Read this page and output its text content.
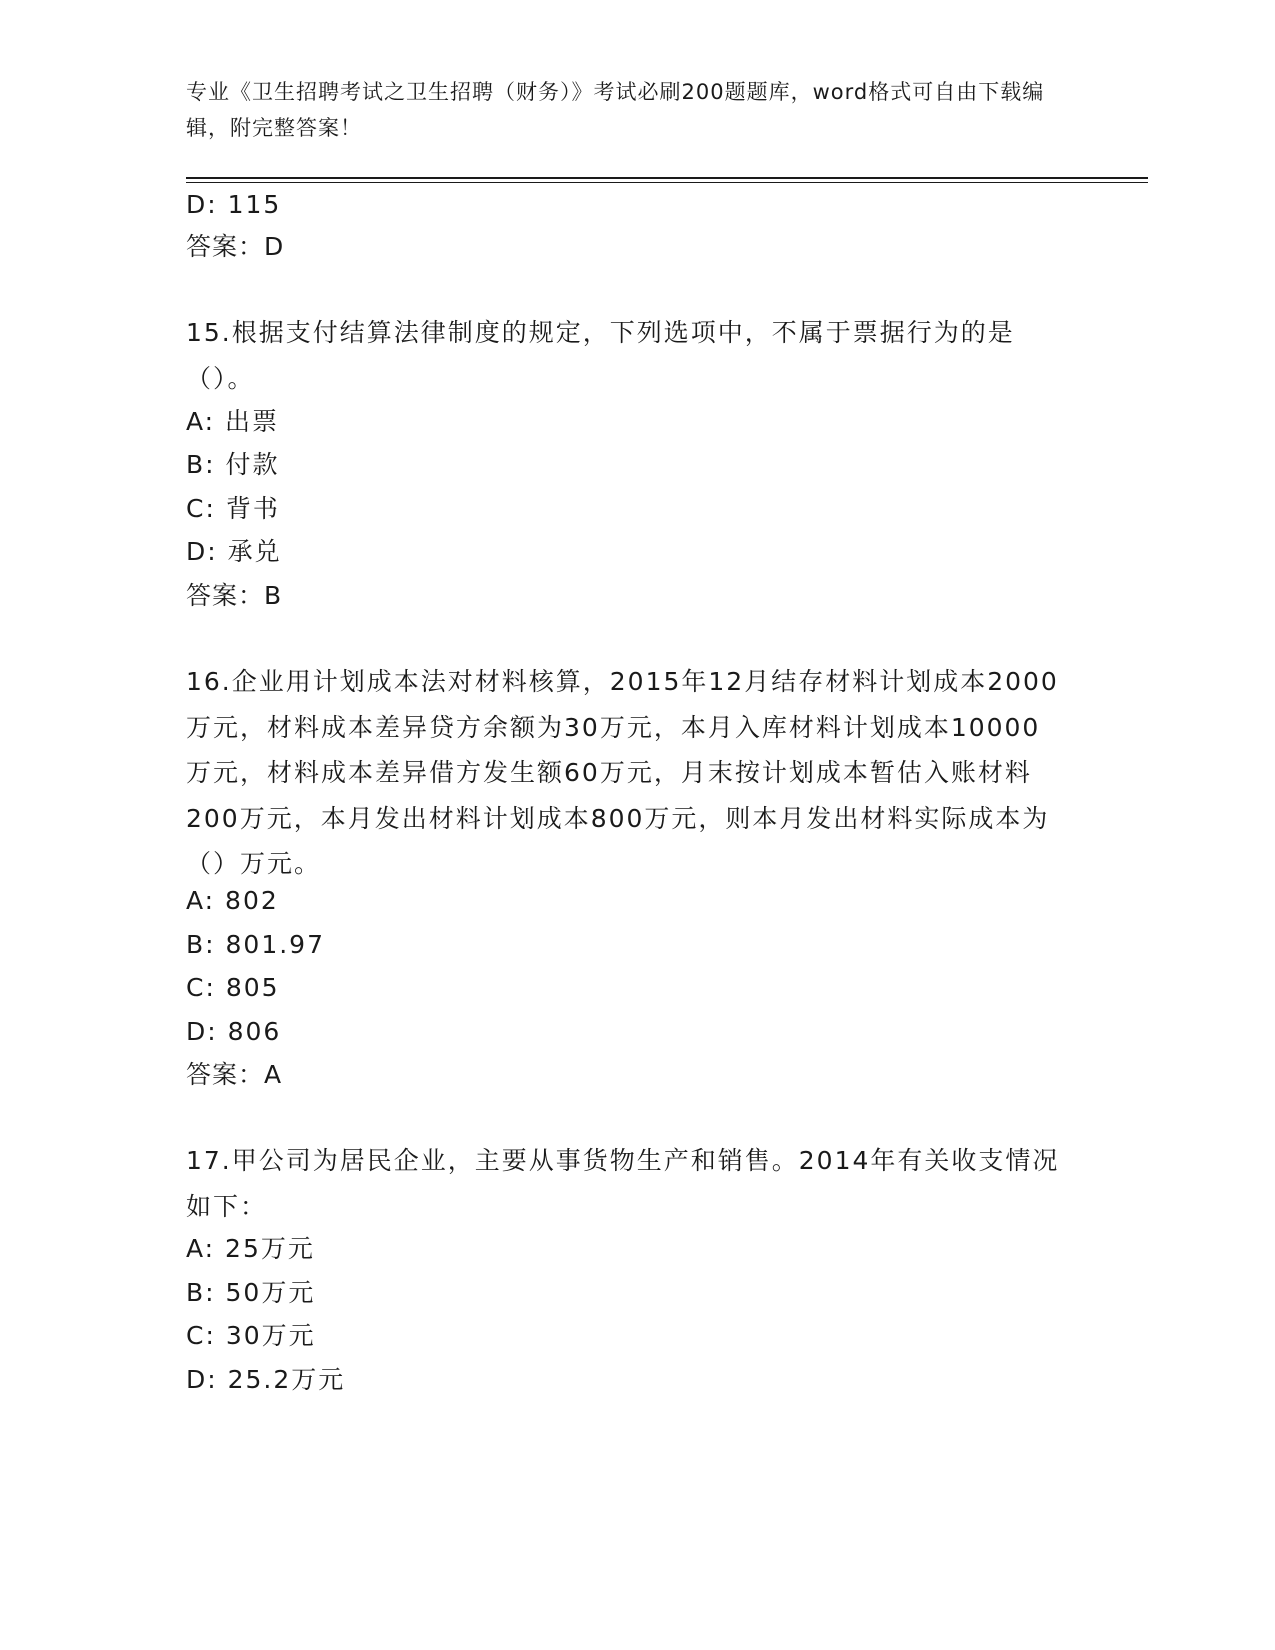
专业《卫生招聘考试之卫生招聘（财务）》考试必刷200题题库，word格式可自由下载编辑，附完整答案！
D: 115
答案：D
15.根据支付结算法律制度的规定，下列选项中，不属于票据行为的是（）。
A: 出票
B: 付款
C: 背书
D: 承兑
答案：B
16.企业用计划成本法对材料核算，2015年12月结存材料计划成本2000万元，材料成本差异贷方余额为30万元，本月入库材料计划成本10000万元，材料成本差异借方发生额60万元，月末按计划成本暂估入账材料200万元，本月发出材料计划成本800万元，则本月发出材料实际成本为（）万元。
A: 802
B: 801.97
C: 805
D: 806
答案：A
17.甲公司为居民企业，主要从事货物生产和销售。2014年有关收支情况如下：
A: 25万元
B: 50万元
C: 30万元
D: 25.2万元
